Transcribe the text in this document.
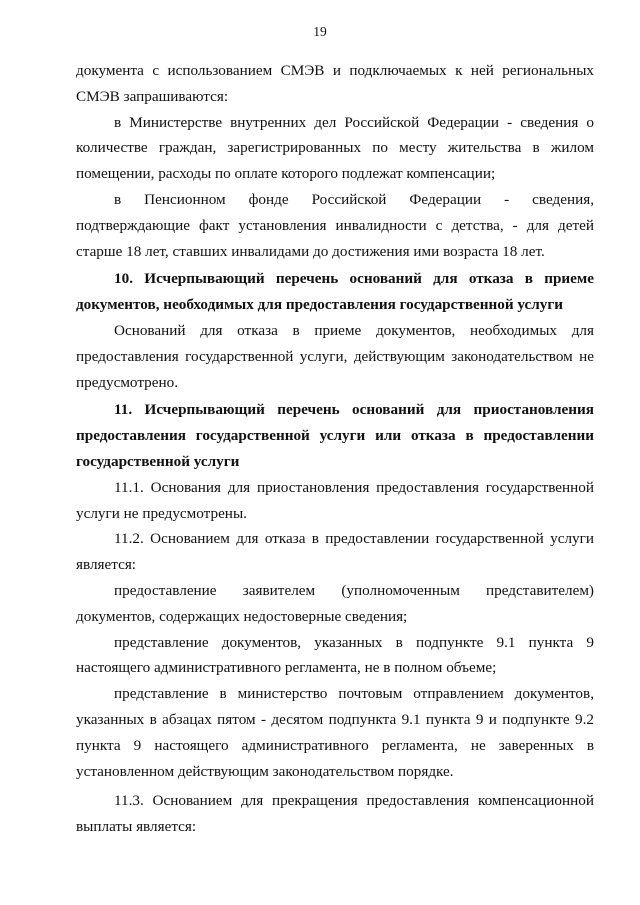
19

документа с использованием СМЭВ и подключаемых к ней региональных СМЭВ запрашиваются:

в Министерстве внутренних дел Российской Федерации - сведения о количестве граждан, зарегистрированных по месту жительства в жилом помещении, расходы по оплате которого подлежат компенсации;

в Пенсионном фонде Российской Федерации - сведения, подтверждающие факт установления инвалидности с детства, - для детей старше 18 лет, ставших инвалидами до достижения ими возраста 18 лет.

10. Исчерпывающий перечень оснований для отказа в приеме документов, необходимых для предоставления государственной услуги

Оснований для отказа в приеме документов, необходимых для предоставления государственной услуги, действующим законодательством не предусмотрено.

11. Исчерпывающий перечень оснований для приостановления предоставления государственной услуги или отказа в предоставлении государственной услуги

11.1. Основания для приостановления предоставления государственной услуги не предусмотрены.

11.2. Основанием для отказа в предоставлении государственной услуги является:

предоставление заявителем (уполномоченным представителем) документов, содержащих недостоверные сведения;

представление документов, указанных в подпункте 9.1 пункта 9 настоящего административного регламента, не в полном объеме;

представление в министерство почтовым отправлением документов, указанных в абзацах пятом - десятом подпункта 9.1 пункта 9 и подпункте 9.2 пункта 9 настоящего административного регламента, не заверенных в установленном действующим законодательством порядке.

11.3. Основанием для прекращения предоставления компенсационной выплаты является:
